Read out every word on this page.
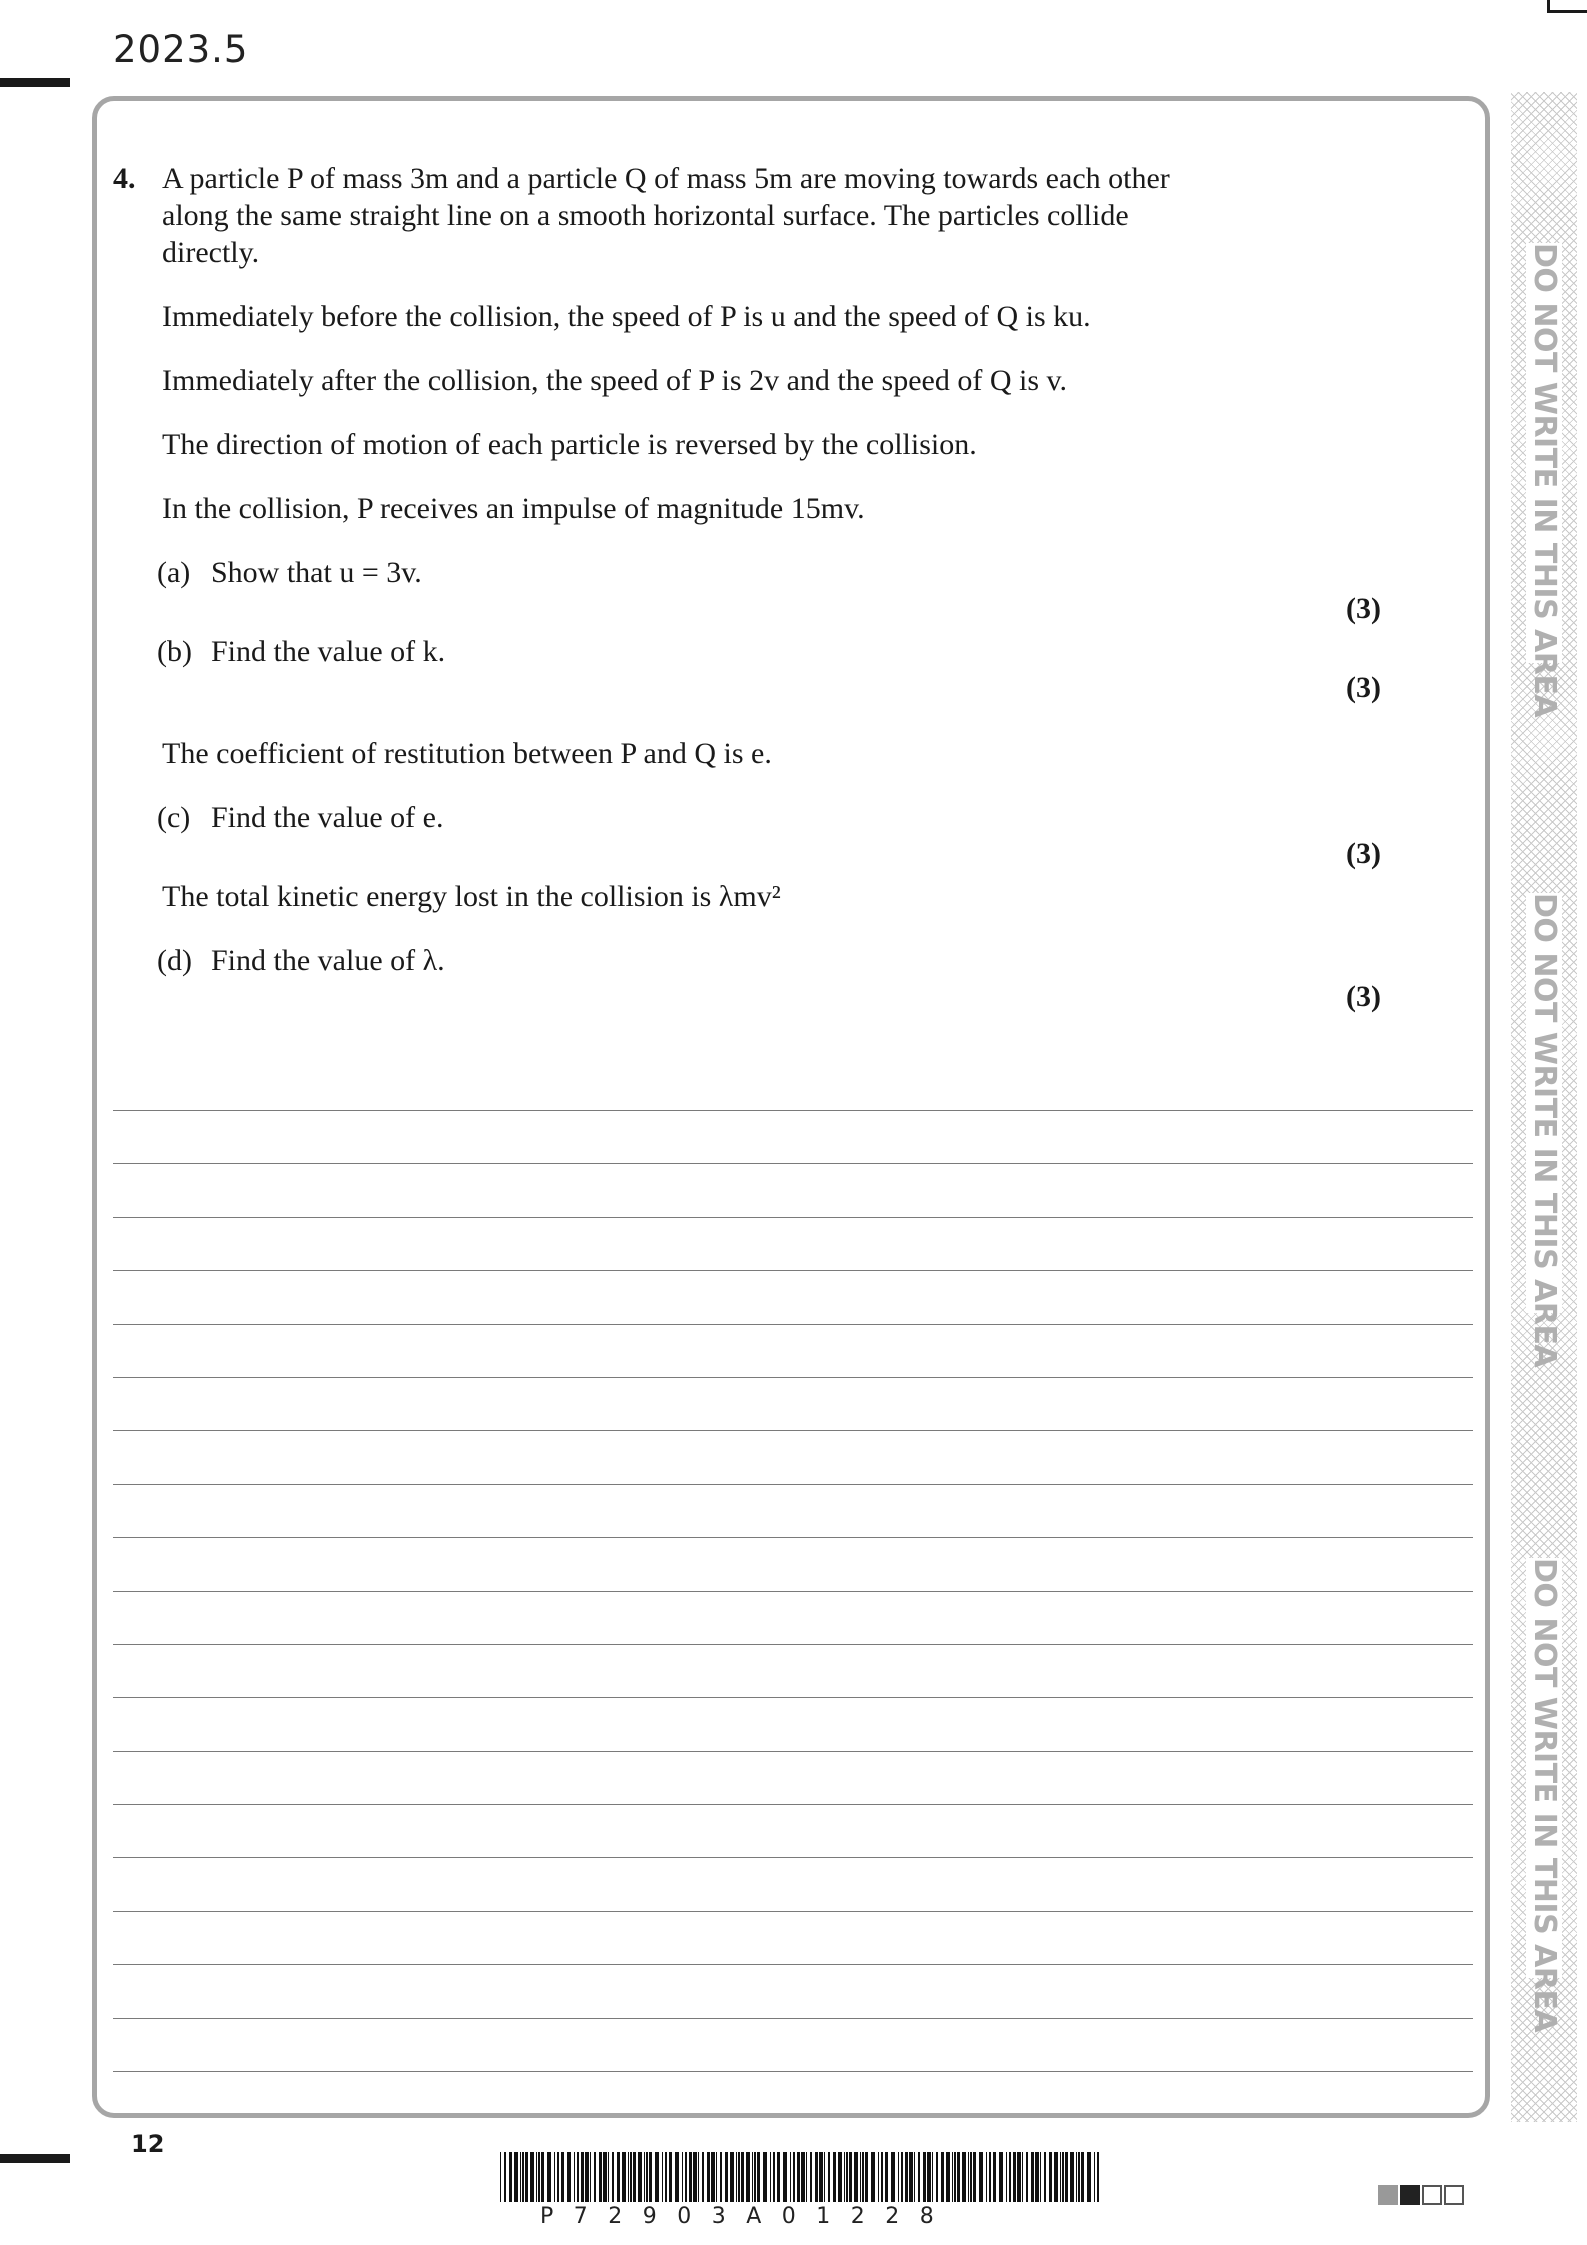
2023.5
DO NOT WRITE IN THIS AREA
DO NOT WRITE IN THIS AREA
DO NOT WRITE IN THIS AREA
4. A particle P of mass 3m and a particle Q of mass 5m are moving towards each other
along the same straight line on a smooth horizontal surface. The particles collide
directly.

Immediately before the collision, the speed of P is u and the speed of Q is ku.

Immediately after the collision, the speed of P is 2v and the speed of Q is v.

The direction of motion of each particle is reversed by the collision.

In the collision, P receives an impulse of magnitude 15mv.

(a) Show that u = 3v.
(3)
(b) Find the value of k.
(3)

The coefficient of restitution between P and Q is e.

(c) Find the value of e.
(3)

The total kinetic energy lost in the collision is λmv²

(d) Find the value of λ.
(3)
12
P72903A01228
